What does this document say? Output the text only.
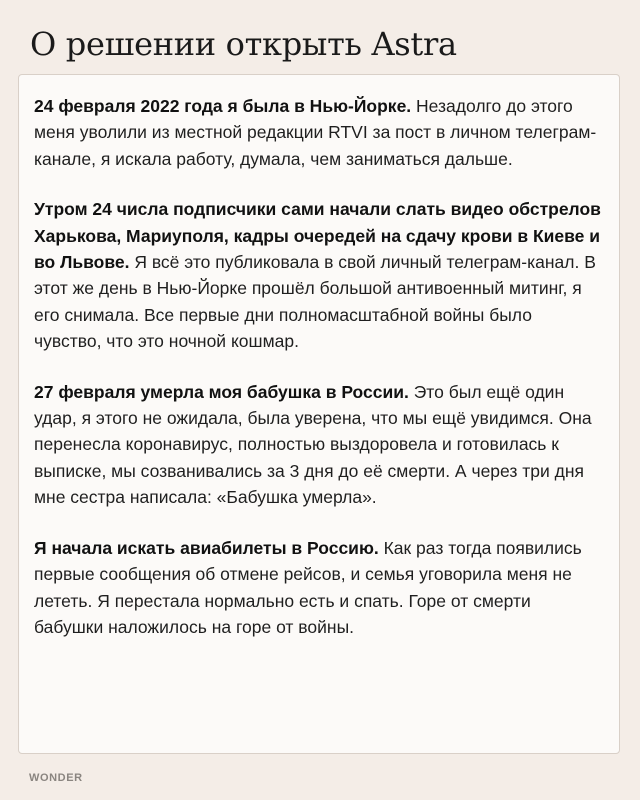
О решении открыть Astra

24 февраля 2022 года я была в Нью-Йорке. Незадолго до этого меня уволили из местной редакции RTVI за пост в личном телеграм-канале, я искала работу, думала, чем заниматься дальше.

Утром 24 числа подписчики сами начали слать видео обстрелов Харькова, Мариуполя, кадры очередей на сдачу крови в Киеве и во Львове. Я всё это публиковала в свой личный телеграм-канал. В этот же день в Нью-Йорке прошёл большой антивоенный митинг, я его снимала. Все первые дни полномасштабной войны было чувство, что это ночной кошмар.

27 февраля умерла моя бабушка в России. Это был ещё один удар, я этого не ожидала, была уверена, что мы ещё увидимся. Она перенесла коронавирус, полностью выздоровела и готовилась к выписке, мы созванивались за 3 дня до её смерти. А через три дня мне сестра написала: «Бабушка умерла».

Я начала искать авиабилеты в Россию. Как раз тогда появились первые сообщения об отмене рейсов, и семья уговорила меня не лететь. Я перестала нормально есть и спать. Горе от смерти бабушки наложилось на горе от войны.

WONDER
